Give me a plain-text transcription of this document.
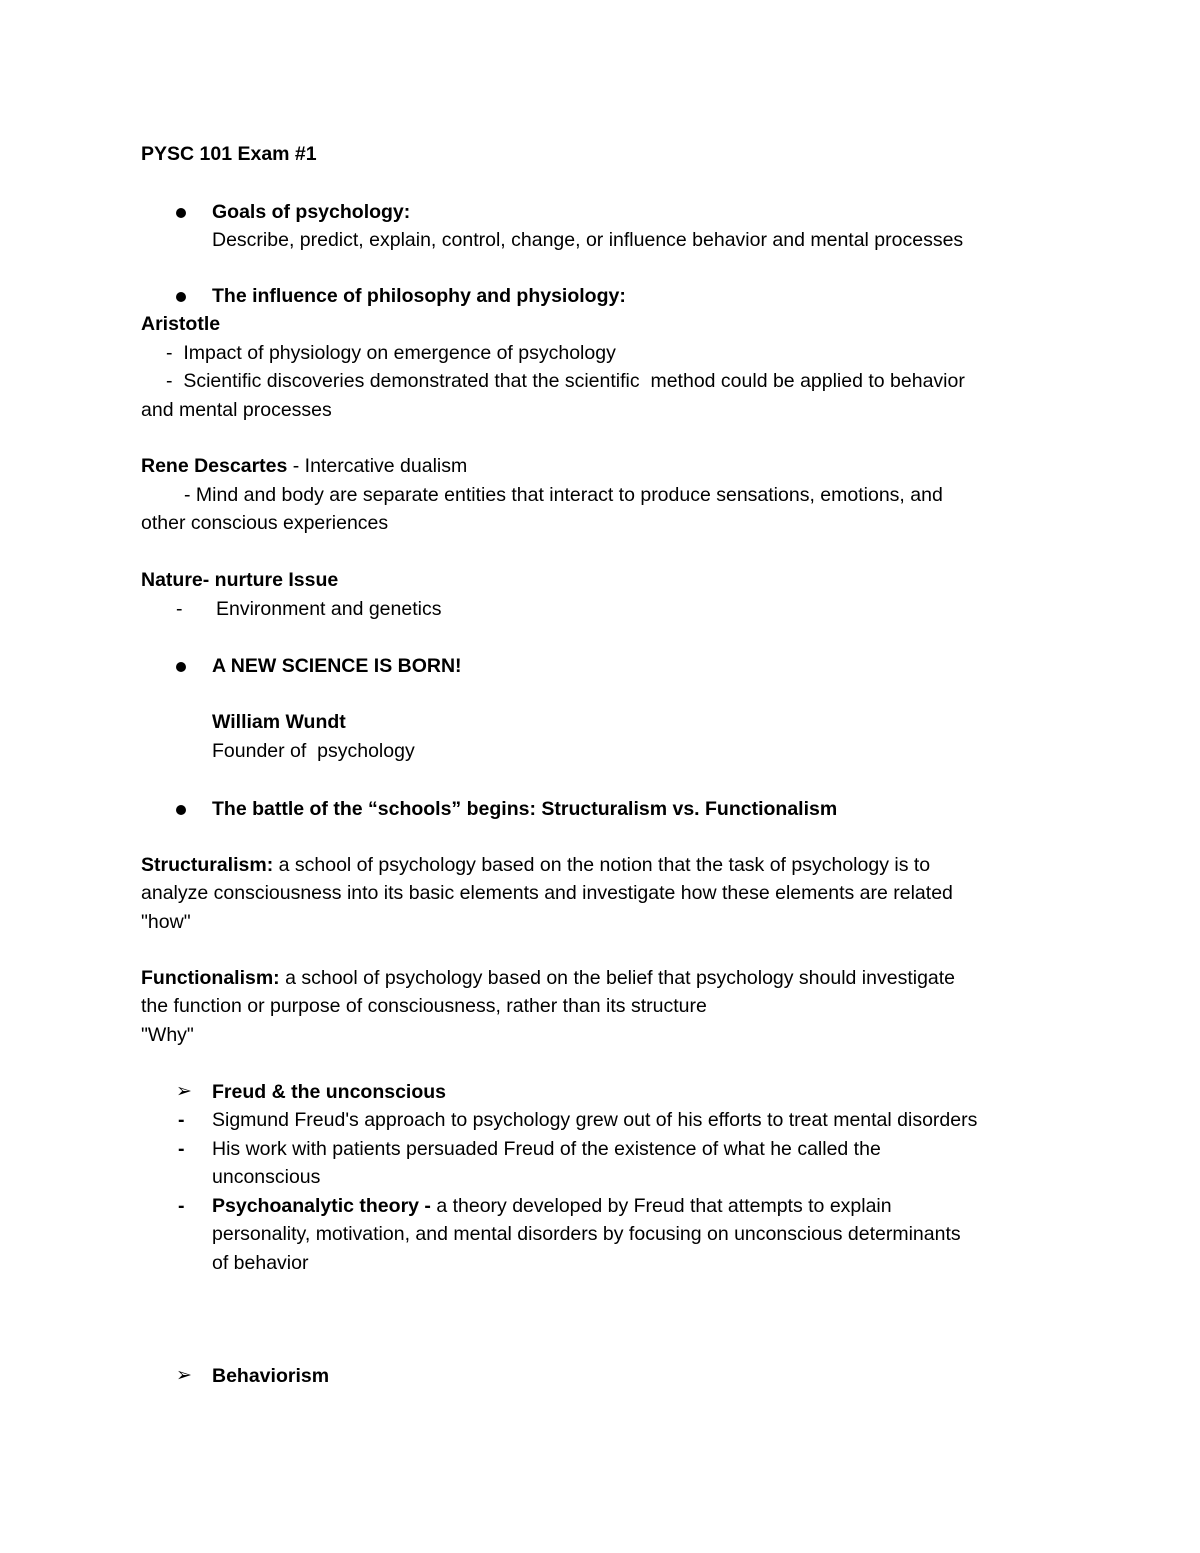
PYSC 101 Exam #1
Goals of psychology:
Describe, predict, explain, control, change, or influence behavior and mental processes
The influence of philosophy and physiology:
Aristotle
-  Impact of physiology on emergence of psychology
-  Scientific discoveries demonstrated that the scientific  method could be applied to behavior
and mental processes
Rene Descartes - Intercative dualism
- Mind and body are separate entities that interact to produce sensations, emotions, and
other conscious experiences
Nature- nurture Issue
- Environment and genetics
A NEW SCIENCE IS BORN!
William Wundt
Founder of  psychology
The battle of the “schools” begins: Structuralism vs. Functionalism
Structuralism: a school of psychology based on the notion that the task of psychology is to
analyze consciousness into its basic elements and investigate how these elements are related
"how"
Functionalism: a school of psychology based on the belief that psychology should investigate
the function or purpose of consciousness, rather than its structure
"Why"
➢ Freud & the unconscious
- Sigmund Freud's approach to psychology grew out of his efforts to treat mental disorders
- His work with patients persuaded Freud of the existence of what he called the
unconscious
- Psychoanalytic theory - a theory developed by Freud that attempts to explain
personality, motivation, and mental disorders by focusing on unconscious determinants
of behavior
➢ Behaviorism
